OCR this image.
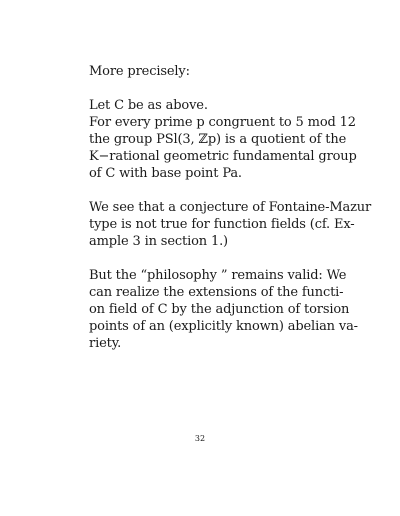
More precisely:
Let C be as above.
For every prime p congruent to 5 mod 12
the group PSl(3, ℤp) is a quotient of the
K−rational geometric fundamental group
of C with base point Pa.
We see that a conjecture of Fontaine-Mazur
type is not true for function fields (cf. Ex-
ample 3 in section 1.)
But the “philosophy ” remains valid: We
can realize the extensions of the functi-
on field of C by the adjunction of torsion
points of an (explicitly known) abelian va-
riety.
32
